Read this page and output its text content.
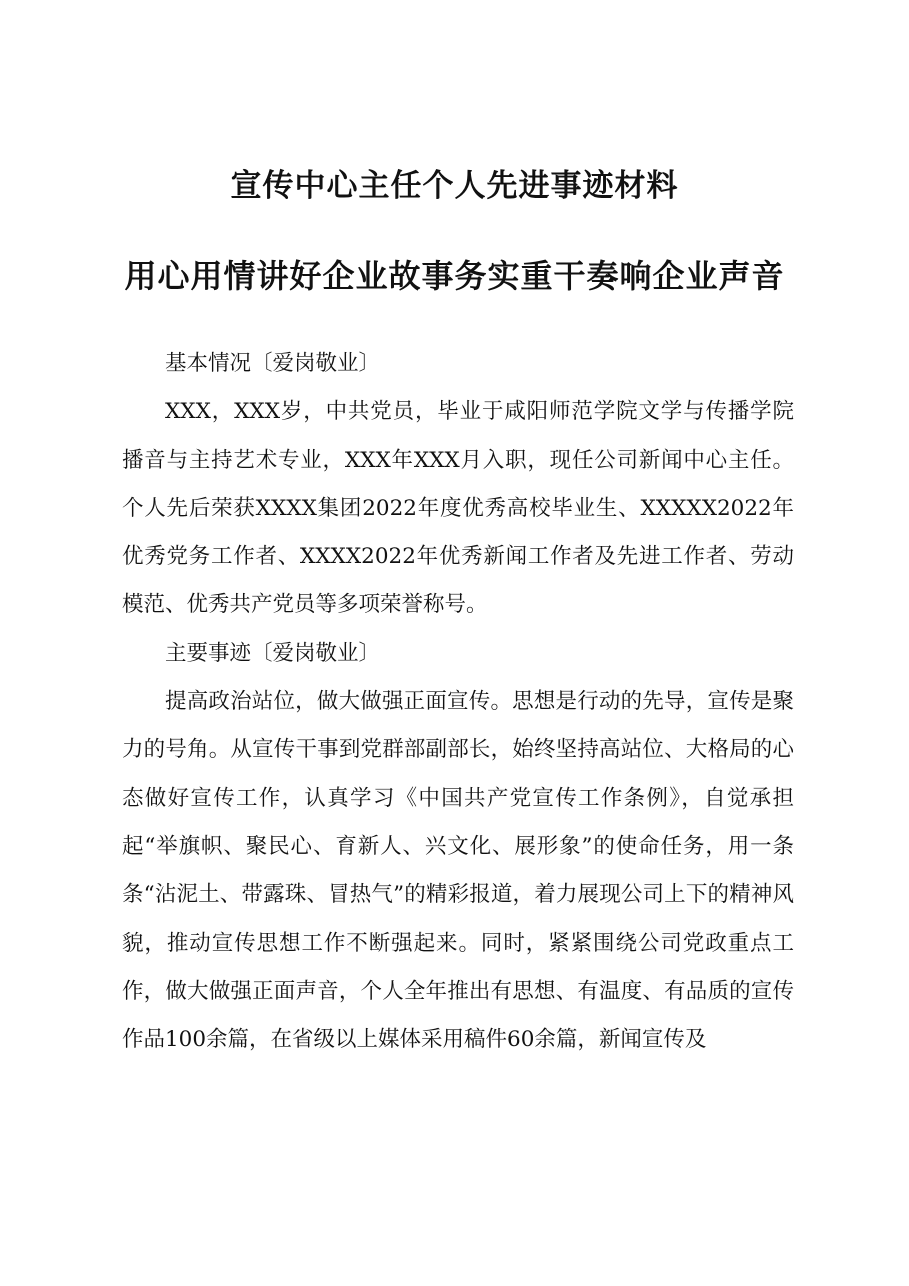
宣传中心主任个人先进事迹材料
用心用情讲好企业故事务实重干奏响企业声音

基本情况〔爱岗敬业〕

XXX，XXX岁，中共党员，毕业于咸阳师范学院文学与传播学院播音与主持艺术专业，XXX年XXX月入职，现任公司新闻中心主任。个人先后荣获XXXX集团2022年度优秀高校毕业生、XXXXX2022年优秀党务工作者、XXXX2022年优秀新闻工作者及先进工作者、劳动模范、优秀共产党员等多项荣誉称号。

主要事迹〔爱岗敬业〕

提高政治站位，做大做强正面宣传。思想是行动的先导，宣传是聚力的号角。从宣传干事到党群部副部长，始终坚持高站位、大格局的心态做好宣传工作，认真学习《中国共产党宣传工作条例》，自觉承担起“举旗帜、聚民心、育新人、兴文化、展形象”的使命任务，用一条条“沾泥土、带露珠、冒热气”的精彩报道，着力展现公司上下的精神风貌，推动宣传思想工作不断强起来。同时，紧紧围绕公司党政重点工作，做大做强正面声音，个人全年推出有思想、有温度、有品质的宣传作品100余篇，在省级以上媒体采用稿件60余篇，新闻宣传及
